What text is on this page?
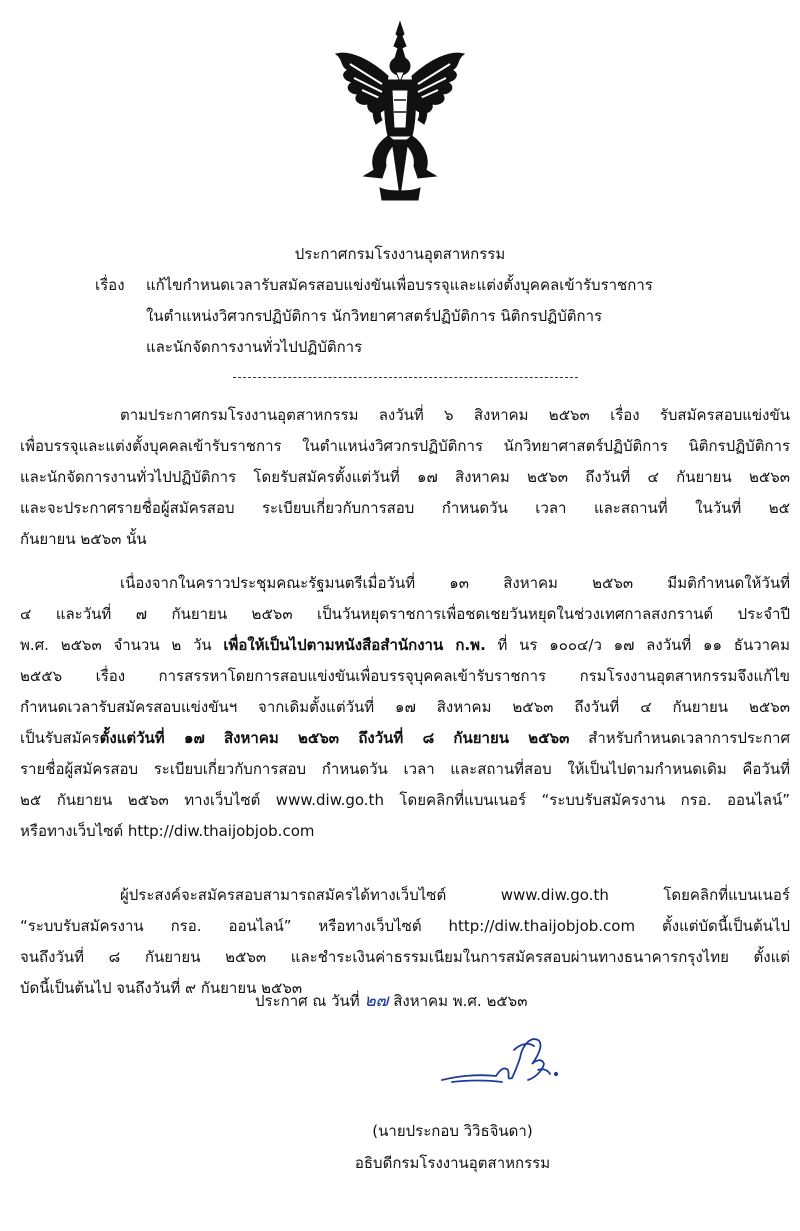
ประกาศกรมโรงงานอุตสาหกรรม
เรื่อง แก้ไขกำหนดเวลารับสมัครสอบแข่งขันเพื่อบรรจุและแต่งตั้งบุคคลเข้ารับราชการ
ในตำแหน่งวิศวกรปฏิบัติการ นักวิทยาศาสตร์ปฏิบัติการ นิติกรปฏิบัติการ
และนักจัดการงานทั่วไปปฏิบัติการ
ตามประกาศกรมโรงงานอุตสาหกรรม ลงวันที่ ๖ สิงหาคม ๒๕๖๓ เรื่อง รับสมัครสอบแข่งขัน
เพื่อบรรจุและแต่งตั้งบุคคลเข้ารับราชการ ในตำแหน่งวิศวกรปฏิบัติการ นักวิทยาศาสตร์ปฏิบัติการ นิติกรปฏิบัติการ
และนักจัดการงานทั่วไปปฏิบัติการ โดยรับสมัครตั้งแต่วันที่ ๑๗ สิงหาคม ๒๕๖๓ ถึงวันที่ ๔ กันยายน ๒๕๖๓
และจะประกาศรายชื่อผู้สมัครสอบ ระเบียบเกี่ยวกับการสอบ กำหนดวัน เวลา และสถานที่ ในวันที่ ๒๕
กันยายน ๒๕๖๓ นั้น
เนื่องจากในคราวประชุมคณะรัฐมนตรีเมื่อวันที่ ๑๓ สิงหาคม ๒๕๖๓ มีมติกำหนดให้วันที่
๔ และวันที่ ๗ กันยายน ๒๕๖๓ เป็นวันหยุดราชการเพื่อชดเชยวันหยุดในช่วงเทศกาลสงกรานต์ ประจำปี
พ.ศ. ๒๕๖๓ จำนวน ๒ วัน เพื่อให้เป็นไปตามหนังสือสำนักงาน ก.พ. ที่ นร ๑๐๐๔/ว ๑๗ ลงวันที่ ๑๑ ธันวาคม
๒๕๕๖ เรื่อง การสรรหาโดยการสอบแข่งขันเพื่อบรรจุบุคคลเข้ารับราชการ กรมโรงงานอุตสาหกรรมจึงแก้ไข
กำหนดเวลารับสมัครสอบแข่งขันฯ จากเดิมตั้งแต่วันที่ ๑๗ สิงหาคม ๒๕๖๓ ถึงวันที่ ๔ กันยายน ๒๕๖๓
เป็นรับสมัครตั้งแต่วันที่ ๑๗ สิงหาคม ๒๕๖๓ ถึงวันที่ ๘ กันยายน ๒๕๖๓ สำหรับกำหนดเวลาการประกาศ
รายชื่อผู้สมัครสอบ ระเบียบเกี่ยวกับการสอบ กำหนดวัน เวลา และสถานที่สอบ ให้เป็นไปตามกำหนดเดิม คือวันที่
๒๕ กันยายน ๒๕๖๓ ทางเว็บไซต์ www.diw.go.th โดยคลิกที่แบนเนอร์ “ระบบรับสมัครงาน กรอ. ออนไลน์”
หรือทางเว็บไซต์ http://diw.thaijobjob.com
ผู้ประสงค์จะสมัครสอบสามารถสมัครได้ทางเว็บไซต์ www.diw.go.th โดยคลิกที่แบนเนอร์
“ระบบรับสมัครงาน กรอ. ออนไลน์” หรือทางเว็บไซต์ http://diw.thaijobjob.com ตั้งแต่บัดนี้เป็นต้นไป
จนถึงวันที่ ๘ กันยายน ๒๕๖๓ และชำระเงินค่าธรรมเนียมในการสมัครสอบผ่านทางธนาคารกรุงไทย ตั้งแต่
บัดนี้เป็นต้นไป จนถึงวันที่ ๙ กันยายน ๒๕๖๓
ประกาศ ณ วันที่ ๒๗ สิงหาคม พ.ศ. ๒๕๖๓
(นายประกอบ วิวิธจินดา)
อธิบดีกรมโรงงานอุตสาหกรรม
